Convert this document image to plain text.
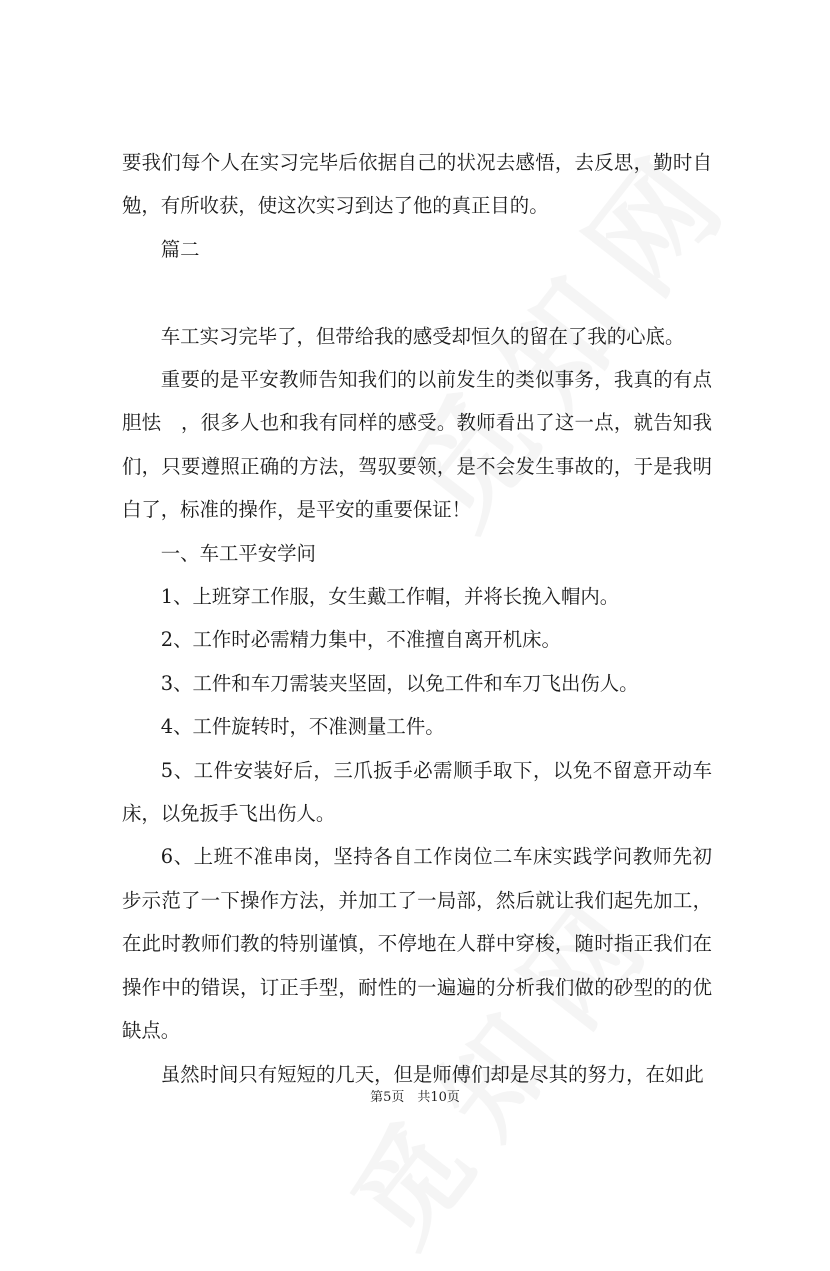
要我们每个人在实习完毕后依据自己的状况去感悟，去反思，勤时自勉，有所收获，使这次实习到达了他的真正目的。

篇二

车工实习完毕了，但带给我的感受却恒久的留在了我的心底。

重要的是平安教师告知我们的以前发生的类似事务，我真的有点胆怯　，很多人也和我有同样的感受。教师看出了这一点，就告知我们，只要遵照正确的方法，驾驭要领，是不会发生事故的，于是我明白了，标准的操作，是平安的重要保证！

一、车工平安学问

1、上班穿工作服，女生戴工作帽，并将长挽入帽内。

2、工作时必需精力集中，不准擅自离开机床。

3、工件和车刀需装夹坚固，以免工件和车刀飞出伤人。

4、工件旋转时，不准测量工件。

5、工件安装好后，三爪扳手必需顺手取下，以免不留意开动车床，以免扳手飞出伤人。

6、上班不准串岗，坚持各自工作岗位二车床实践学问教师先初步示范了一下操作方法，并加工了一局部，然后就让我们起先加工，在此时教师们教的特别谨慎，不停地在人群中穿梭，随时指正我们在操作中的错误，订正手型，耐性的一遍遍的分析我们做的砂型的的优缺点。

虽然时间只有短短的几天，但是师傅们却是尽其的努力，在如此

第5页　共10页
